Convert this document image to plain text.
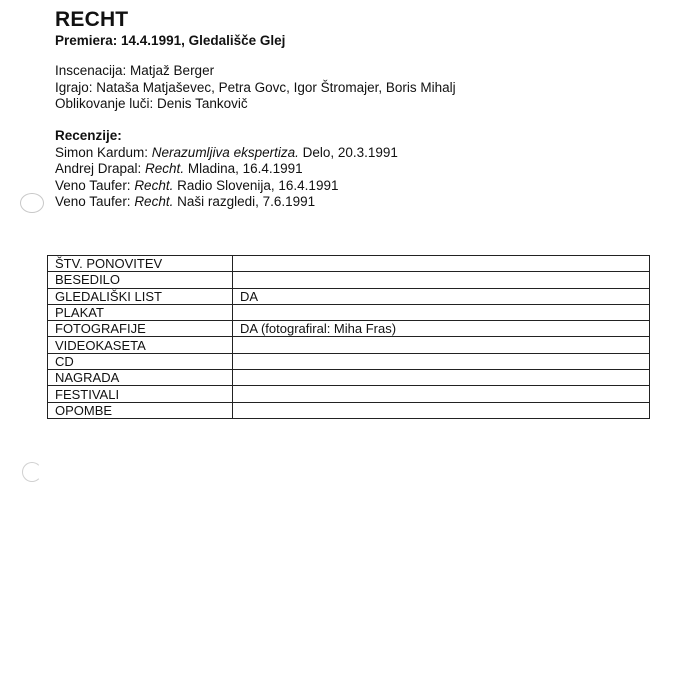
RECHT
Premiera: 14.4.1991, Gledališče Glej
Inscenacija: Matjaž Berger
Igrajo: Nataša Matjaševec, Petra Govc, Igor Štromajer, Boris Mihalj
Oblikovanje luči: Denis Tankovič
Recenzije:
Simon Kardum: Nerazumljiva ekspertiza. Delo, 20.3.1991
Andrej Drapal: Recht. Mladina, 16.4.1991
Veno Taufer: Recht. Radio Slovenija, 16.4.1991
Veno Taufer: Recht. Naši razgledi, 7.6.1991
ŠTV. PONOVITEV	
BESEDILO	
GLEDALIŠKI LIST	DA
PLAKAT	
FOTOGRAFIJE	DA (fotografiral: Miha Fras)
VIDEOKASETA	
CD	
NAGRADA	
FESTIVALI	
OPOMBE	
